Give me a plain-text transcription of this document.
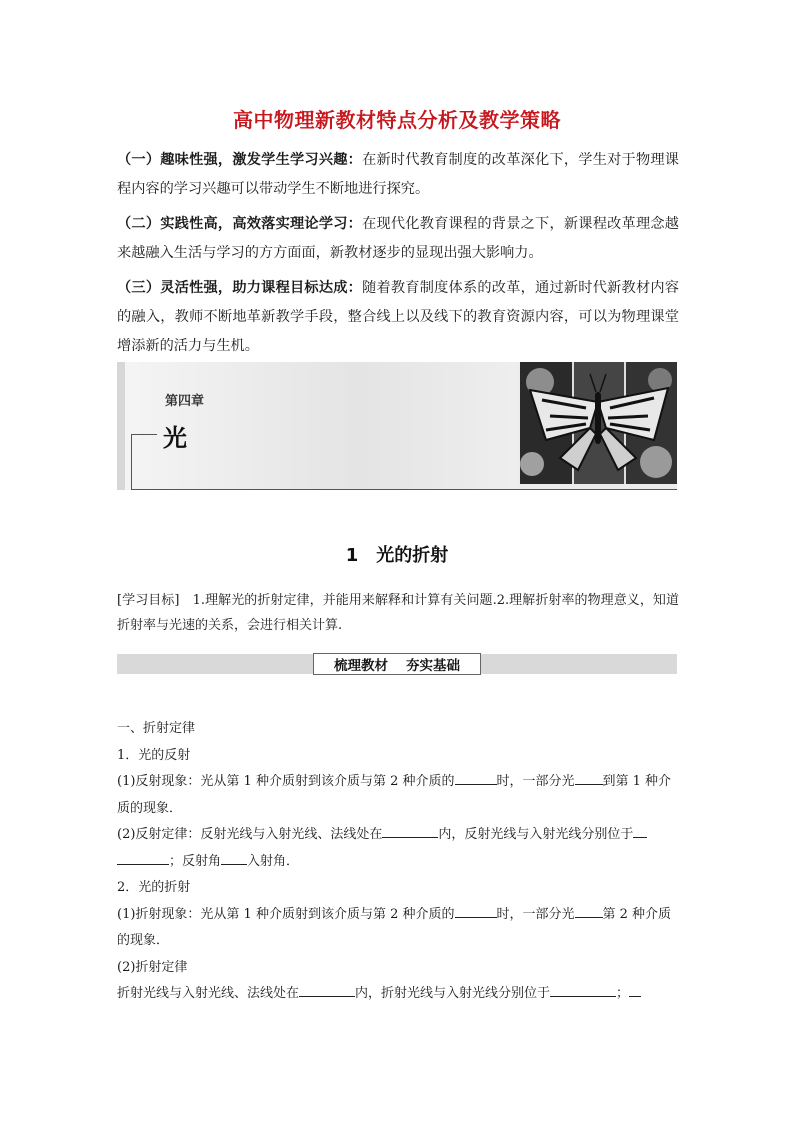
高中物理新教材特点分析及教学策略

（一）趣味性强，激发学生学习兴趣：在新时代教育制度的改革深化下，学生对于物理课程内容的学习兴趣可以带动学生不断地进行探究。

（二）实践性高，高效落实理论学习：在现代化教育课程的背景之下，新课程改革理念越来越融入生活与学习的方方面面，新教材逐步的显现出强大影响力。

（三）灵活性强，助力课程目标达成：随着教育制度体系的改革，通过新时代新教材内容的融入，教师不断地革新教学手段，整合线上以及线下的教育资源内容，可以为物理课堂增添新的活力与生机。

第四章
光
1　光的折射
[学习目标]　1.理解光的折射定律，并能用来解释和计算有关问题.2.理解折射率的物理意义，知道折射率与光速的关系，会进行相关计算.
梳理教材 夯实基础

一、折射定律

1．光的反射

(1)反射现象：光从第 1 种介质射到该介质与第 2 种介质的	时，一部分光 到第 1 种介质的现象．

(2)反射定律：反射光线与入射光线、法线处在	内，反射光线与入射光线分别位于
；反射角 入射角．

2．光的折射

(1)折射现象：光从第 1 种介质射到该介质与第 2 种介质的	时，一部分光 第 2 种介质的现象．

(2)折射定律

折射光线与入射光线、法线处在	内，折射光线与入射光线分别位于	；
